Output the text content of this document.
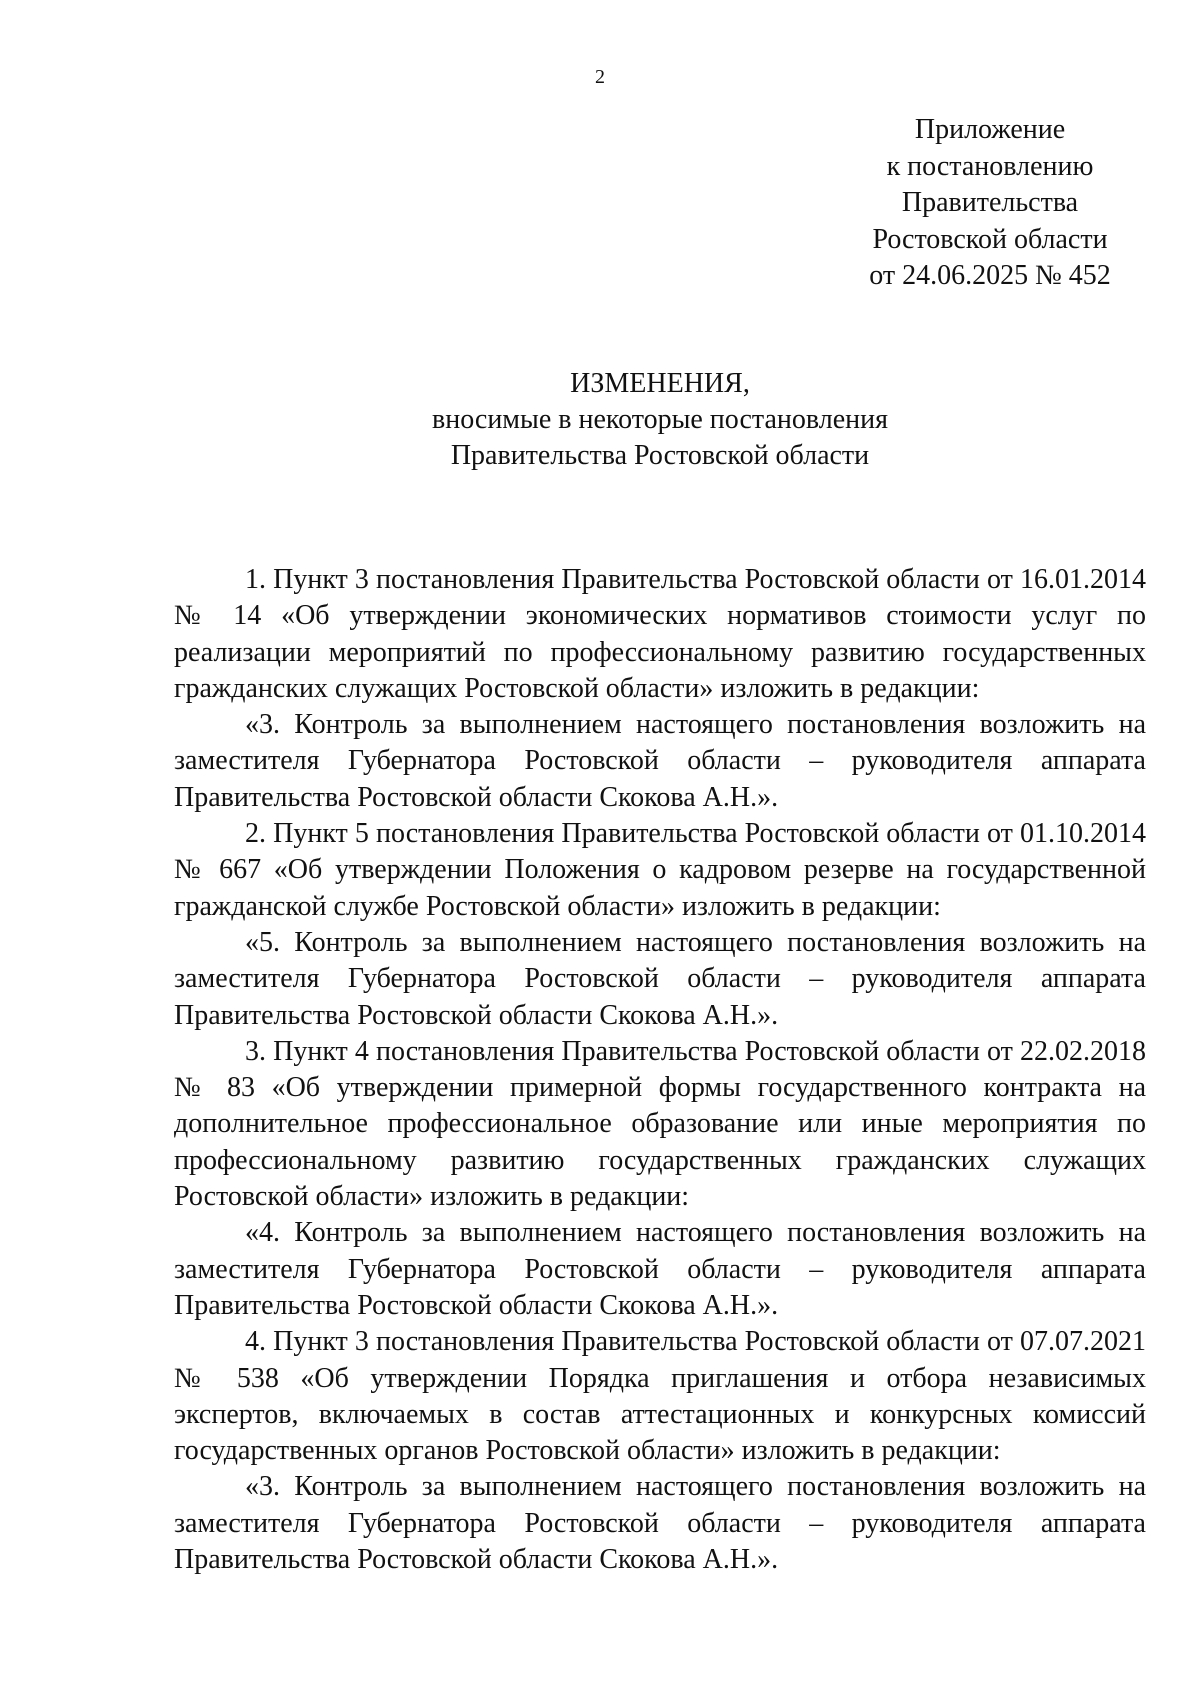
2
Приложение
к постановлению
Правительства
Ростовской области
от 24.06.2025 № 452
ИЗМЕНЕНИЯ,
вносимые в некоторые постановления
Правительства Ростовской области

1. Пункт 3 постановления Правительства Ростовской области от 16.01.2014 № 14 «Об утверждении экономических нормативов стоимости услуг по реализации мероприятий по профессиональному развитию государственных гражданских служащих Ростовской области» изложить в редакции:

«3. Контроль за выполнением настоящего постановления возложить на заместителя Губернатора Ростовской области – руководителя аппарата Правительства Ростовской области Скокова А.Н.».

2. Пункт 5 постановления Правительства Ростовской области от 01.10.2014 № 667 «Об утверждении Положения о кадровом резерве на государственной гражданской службе Ростовской области» изложить в редакции:

«5. Контроль за выполнением настоящего постановления возложить на заместителя Губернатора Ростовской области – руководителя аппарата Правительства Ростовской области Скокова А.Н.».

3. Пункт 4 постановления Правительства Ростовской области от 22.02.2018 № 83 «Об утверждении примерной формы государственного контракта на дополнительное профессиональное образование или иные мероприятия по профессиональному развитию государственных гражданских служащих Ростовской области» изложить в редакции:

«4. Контроль за выполнением настоящего постановления возложить на заместителя Губернатора Ростовской области – руководителя аппарата Правительства Ростовской области Скокова А.Н.».

4. Пункт 3 постановления Правительства Ростовской области от 07.07.2021 № 538 «Об утверждении Порядка приглашения и отбора независимых экспертов, включаемых в состав аттестационных и конкурсных комиссий государственных органов Ростовской области» изложить в редакции:

«3. Контроль за выполнением настоящего постановления возложить на заместителя Губернатора Ростовской области – руководителя аппарата Правительства Ростовской области Скокова А.Н.».
